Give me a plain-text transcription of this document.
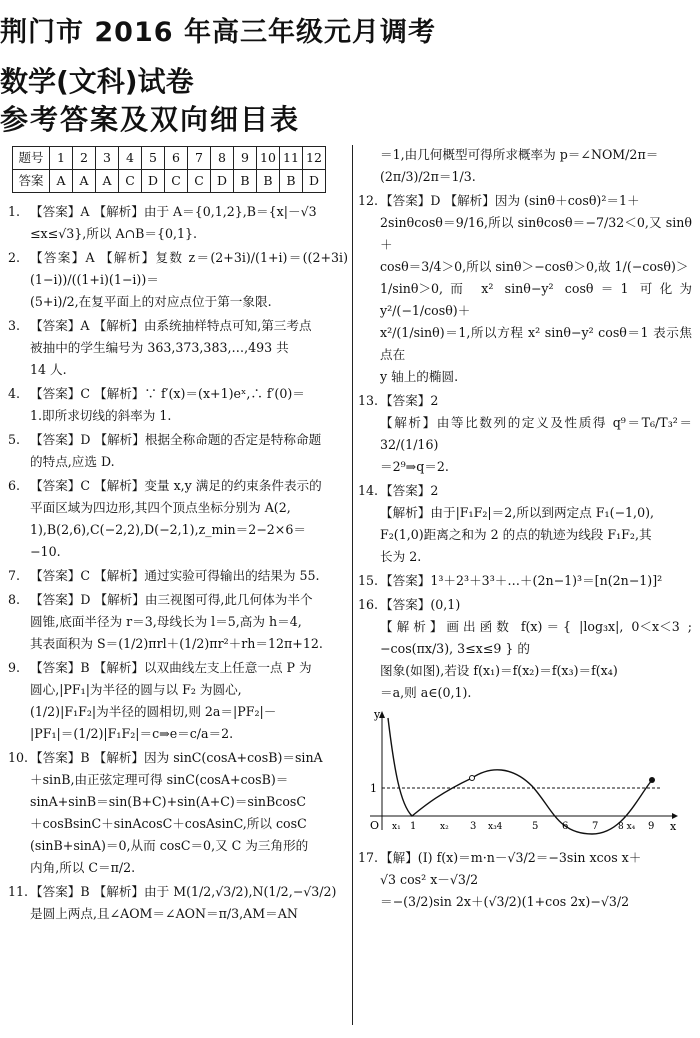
荆门市 2016 年高三年级元月调考
数学(文科)试卷
参考答案及双向细目表
题号	1	2	3	4	5	6	7	8	9	10	11	12
答案	A	A	A	C	D	C	C	D	B	B	B	D
1. 【答案】A 【解析】由于 A＝{0,1,2},B＝{x|－√3
≤x≤√3},所以 A∩B＝{0,1}.
2. 【答案】A 【解析】复数 z＝(2+3i)/(1+i)＝((2+3i)(1−i))/((1+i)(1−i))＝
(5+i)/2,在复平面上的对应点位于第一象限.
3. 【答案】A 【解析】由系统抽样特点可知,第三考点
被抽中的学生编号为 363,373,383,…,493 共
14 人.
4. 【答案】C 【解析】∵ f′(x)＝(x+1)eˣ,∴ f′(0)＝
1.即所求切线的斜率为 1.
5. 【答案】D 【解析】根据全称命题的否定是特称命题
的特点,应选 D.
6. 【答案】C 【解析】变量 x,y 满足的约束条件表示的
平面区域为四边形,其四个顶点坐标分别为 A(2,
1),B(2,6),C(−2,2),D(−2,1),z_min＝2−2×6＝
−10.
7. 【答案】C 【解析】通过实验可得输出的结果为 55.
8. 【答案】D 【解析】由三视图可得,此几何体为半个
圆锥,底面半径为 r＝3,母线长为 l＝5,高为 h＝4,
其表面积为 S＝(1/2)πrl＋(1/2)πr²＋rh＝12π+12.
9. 【答案】B 【解析】以双曲线左支上任意一点 P 为
圆心,|PF₁|为半径的圆与以 F₂ 为圆心,
(1/2)|F₁F₂|为半径的圆相切,则 2a＝|PF₂|－
|PF₁|＝(1/2)|F₁F₂|＝c⇒e＝c/a＝2.
10. 【答案】B 【解析】因为 sinC(cosA+cosB)＝sinA
＋sinB,由正弦定理可得 sinC(cosA+cosB)＝
sinA+sinB＝sin(B+C)+sin(A+C)＝sinBcosC
＋cosBsinC＋sinAcosC＋cosAsinC,所以 cosC
(sinB+sinA)＝0,从而 cosC＝0,又 C 为三角形的
内角,所以 C＝π/2.
11. 【答案】B 【解析】由于 M(1/2,√3/2),N(1/2,−√3/2)
是圆上两点,且∠AOM＝∠AON＝π/3,AM＝AN
＝1,由几何概型可得所求概率为 p＝∠NOM/2π＝
(2π/3)/2π＝1/3.
12. 【答案】D 【解析】因为 (sinθ＋cosθ)²＝1＋
2sinθcosθ＝9/16,所以 sinθcosθ＝−7/32＜0,又 sinθ＋
cosθ＝3/4＞0,所以 sinθ＞−cosθ＞0,故 1/(−cosθ)＞
1/sinθ＞0,而 x² sinθ−y² cosθ＝1 可化为 y²/(−1/cosθ)＋
x²/(1/sinθ)＝1,所以方程 x² sinθ−y² cosθ＝1 表示焦点在
y 轴上的椭圆.
13. 【答案】2
【解析】由等比数列的定义及性质得 q⁹＝T₆/T₃²＝32/(1/16)
＝2⁹⇒q＝2.
14. 【答案】2
【解析】由于|F₁F₂|＝2,所以到两定点 F₁(−1,0),
F₂(1,0)距离之和为 2 的点的轨迹为线段 F₁F₂,其
长为 2.
15. 【答案】1³＋2³＋3³＋…＋(2n−1)³＝[n(2n−1)]²
16. 【答案】(0,1)
【解析】画出函数 f(x)＝{ |log₃x|, 0＜x＜3 ; −cos(πx/3), 3≤x≤9 } 的
图象(如图),若设 f(x₁)＝f(x₂)＝f(x₃)＝f(x₄)
＝a,则 a∈(0,1).
y
x
O
1
x₁ 1	x₂ 3 x₃4	5 6 7 8 x₄ 9
17. 【解】(Ⅰ) f(x)＝m·n－√3/2＝−3sin xcos x＋
√3 cos² x－√3/2
＝−(3/2)sin 2x＋(√3/2)(1+cos 2x)−√3/2
